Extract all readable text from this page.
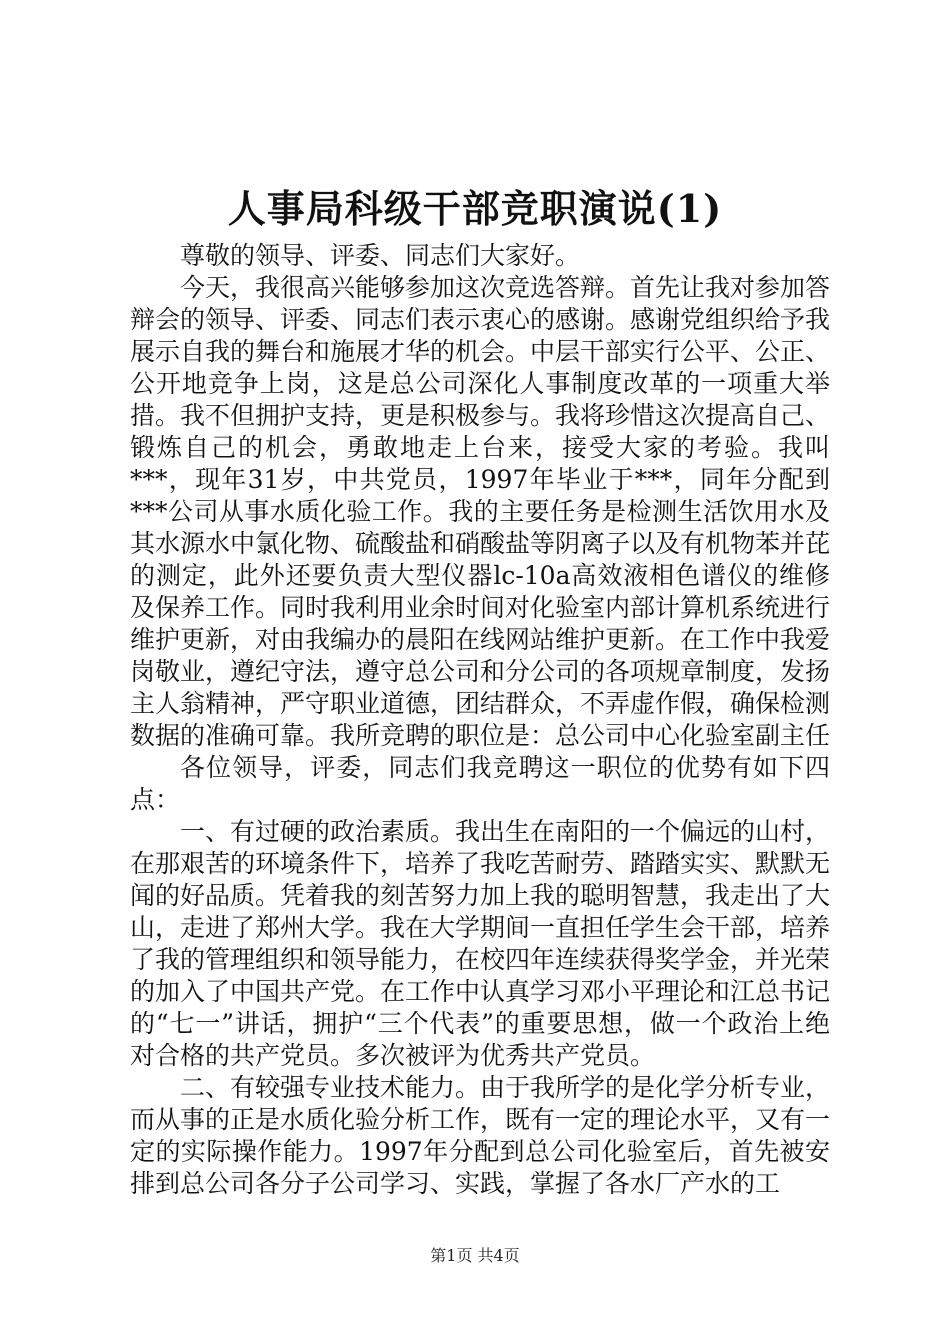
人事局科级干部竞职演说(1)

尊敬的领导、评委、同志们大家好。

今天，我很高兴能够参加这次竞选答辩。首先让我对参加答辩会的领导、评委、同志们表示衷心的感谢。感谢党组织给予我展示自我的舞台和施展才华的机会。中层干部实行公平、公正、公开地竞争上岗，这是总公司深化人事制度改革的一项重大举措。我不但拥护支持，更是积极参与。我将珍惜这次提高自己、锻炼自己的机会，勇敢地走上台来，接受大家的考验。我叫***，现年31岁，中共党员，1997年毕业于***，同年分配到***公司从事水质化验工作。我的主要任务是检测生活饮用水及其水源水中氯化物、硫酸盐和硝酸盐等阴离子以及有机物苯并芘的测定，此外还要负责大型仪器lc-10a高效液相色谱仪的维修及保养工作。同时我利用业余时间对化验室内部计算机系统进行维护更新，对由我编办的晨阳在线网站维护更新。在工作中我爱岗敬业，遵纪守法，遵守总公司和分公司的各项规章制度，发扬主人翁精神，严守职业道德，团结群众，不弄虚作假，确保检测数据的准确可靠。我所竞聘的职位是：总公司中心化验室副主任

各位领导，评委，同志们我竞聘这一职位的优势有如下四点：

一、有过硬的政治素质。我出生在南阳的一个偏远的山村，在那艰苦的环境条件下，培养了我吃苦耐劳、踏踏实实、默默无闻的好品质。凭着我的刻苦努力加上我的聪明智慧，我走出了大山，走进了郑州大学。我在大学期间一直担任学生会干部，培养了我的管理组织和领导能力，在校四年连续获得奖学金，并光荣的加入了中国共产党。在工作中认真学习邓小平理论和江总书记的“七一”讲话，拥护“三个代表”的重要思想，做一个政治上绝对合格的共产党员。多次被评为优秀共产党员。

二、有较强专业技术能力。由于我所学的是化学分析专业，而从事的正是水质化验分析工作，既有一定的理论水平，又有一定的实际操作能力。1997年分配到总公司化验室后，首先被安排到总公司各分子公司学习、实践，掌握了各水厂产水的工

第1页 共4页
